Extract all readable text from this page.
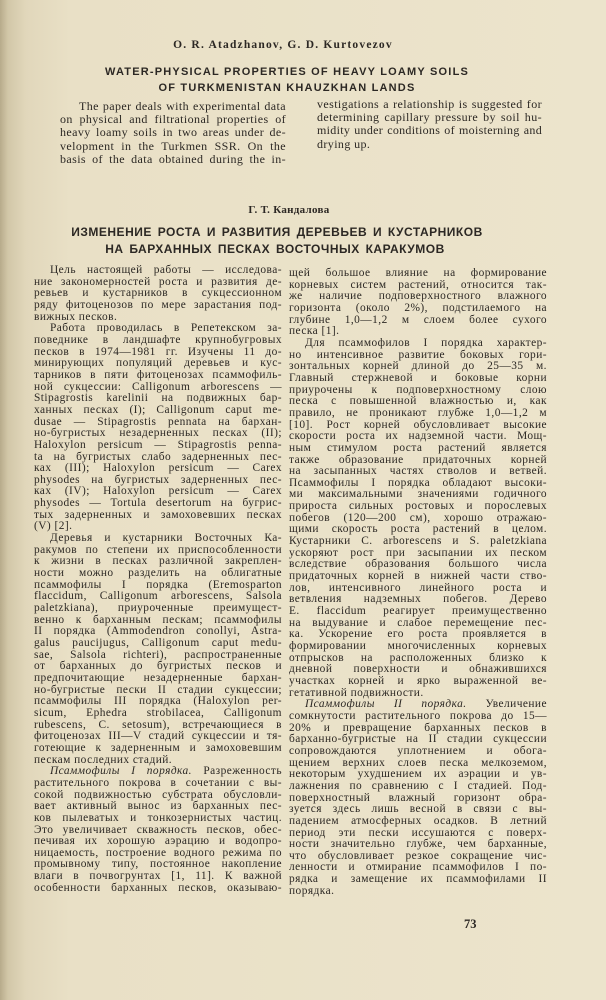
O. R. Atadzhanov, G. D. Kurtovezov
WATER-PHYSICAL PROPERTIES OF HEAVY LOAMY SOILS
OF TURKMENISTAN KHAUZKHAN LANDS
The paper deals with experimental data
on physical and filtrational properties of
heavy loamy soils in two areas under de-
velopment in the Turkmen SSR. On the
basis of the data obtained during the in-
vestigations a relationship is suggested for
determining capillary pressure by soil hu-
midity under conditions of moisterning and
drying up.
Г. Т. Кандалова
ИЗМЕНЕНИЕ РОСТА И РАЗВИТИЯ ДЕРЕВЬЕВ И КУСТАРНИКОВ
НА БАРХАННЫХ ПЕСКАХ ВОСТОЧНЫХ КАРАКУМОВ
Цель настоящей работы — исследова-
ние закономерностей роста и развития де-
ревьев и кустарников в сукцессионном
ряду фитоценозов по мере зарастания под-
вижных песков.
Работа проводилась в Репетекском за-
поведнике в ландшафте крупнобугровых
песков в 1974—1981 гг. Изучены 11 до-
минирующих популяций деревьев и кус-
тарников в пяти фитоценозах псаммофиль-
ной сукцессии: Calligonum arborescens —
Stipagrostis karelinii на подвижных бар-
ханных песках (I); Calligonum caput me-
dusae — Stipagrostis pennata на бархан-
но-бугристых незадерненных песках (II);
Haloxylon persicum — Stipagrostis penna-
ta на бугристых слабо задерненных пес-
ках (III); Haloxylon persicum — Carex
physodes на бугристых задерненных пес-
ках (IV); Haloxylon persicum — Carex
physodes — Tortula desertorum на бугрис-
тых задерненных и замоховевших песках
(V) [2].
Деревья и кустарники Восточных Ка-
ракумов по степени их приспособленности
к жизни в песках различной закреплен-
ности можно разделить на облигатные
псаммофилы I порядка (Eremosparton
flaccidum, Calligonum arborescens, Salsola
paletzkiana), приуроченные преимущест-
венно к барханным пескам; псаммофилы
II порядка (Ammodendron conollyi, Astra-
galus paucijugus, Calligonum caput medu-
sae, Salsola richteri), распространенные
от барханных до бугристых песков и
предпочитающие незадерненные бархан-
но-бугристые пески II стадии сукцессии;
псаммофилы III порядка (Haloxylon per-
sicum, Ephedra strobilacea, Calligonum
rubescens, C. setosum), встречающиеся в
фитоценозах III—V стадий сукцессии и тя-
готеющие к задерненным и замоховевшим
пескам последних стадий.
Псаммофилы I порядка. Разреженность
растительного покрова в сочетании с вы-
сокой подвижностью субстрата обусловли-
вает активный вынос из барханных пес-
ков пылеватых и тонкозернистых частиц.
Это увеличивает скважность песков, обес-
печивая их хорошую аэрацию и водопро-
ницаемость, построение водного режима по
промывному типу, постоянное накопление
влаги в почвогрунтах [1, 11]. К важной
особенности барханных песков, оказываю-
щей большое влияние на формирование
корневых систем растений, относится так-
же наличие подповерхностного влажного
горизонта (около 2%), подстилаемого на
глубине 1,0—1,2 м слоем более сухого
песка [1].
Для псаммофилов I порядка характер-
но интенсивное развитие боковых гори-
зонтальных корней длиной до 25—35 м.
Главный стержневой и боковые корни
приурочены к подповерхностному слою
песка с повышенной влажностью и, как
правило, не проникают глубже 1,0—1,2 м
[10]. Рост корней обусловливает высокие
скорости роста их надземной части. Мощ-
ным стимулом роста растений является
также образование придаточных корней
на засыпанных частях стволов и ветвей.
Псаммофилы I порядка обладают высоки-
ми максимальными значениями годичного
прироста сильных ростовых и порослевых
побегов (120—200 см), хорошо отражаю-
щими скорость роста растений в целом.
Кустарники C. arborescens и S. paletzkiana
ускоряют рост при засыпании их песком
вследствие образования большого числа
придаточных корней в нижней части ство-
лов, интенсивного линейного роста и
ветвления надземных побегов. Дерево
E. flaccidum реагирует преимущественно
на выдувание и слабое перемещение пес-
ка. Ускорение его роста проявляется в
формировании многочисленных корневых
отпрысков на расположенных близко к
дневной поверхности и обнажившихся
участках корней и ярко выраженной ве-
гетативной подвижности.
Псаммофилы II порядка. Увеличение
сомкнутости растительного покрова до 15—
20% и превращение барханных песков в
барханно-бугристые на II стадии сукцессии
сопровождаются уплотнением и обога-
щением верхних слоев песка мелкоземом,
некоторым ухудшением их аэрации и ув-
лажнения по сравнению с I стадией. Под-
поверхностный влажный горизонт обра-
зуется здесь лишь весной в связи с вы-
падением атмосферных осадков. В летний
период эти пески иссушаются с поверх-
ности значительно глубже, чем барханные,
что обусловливает резкое сокращение чис-
ленности и отмирание псаммофилов I по-
рядка и замещение их псаммофилами II
порядка.
73
